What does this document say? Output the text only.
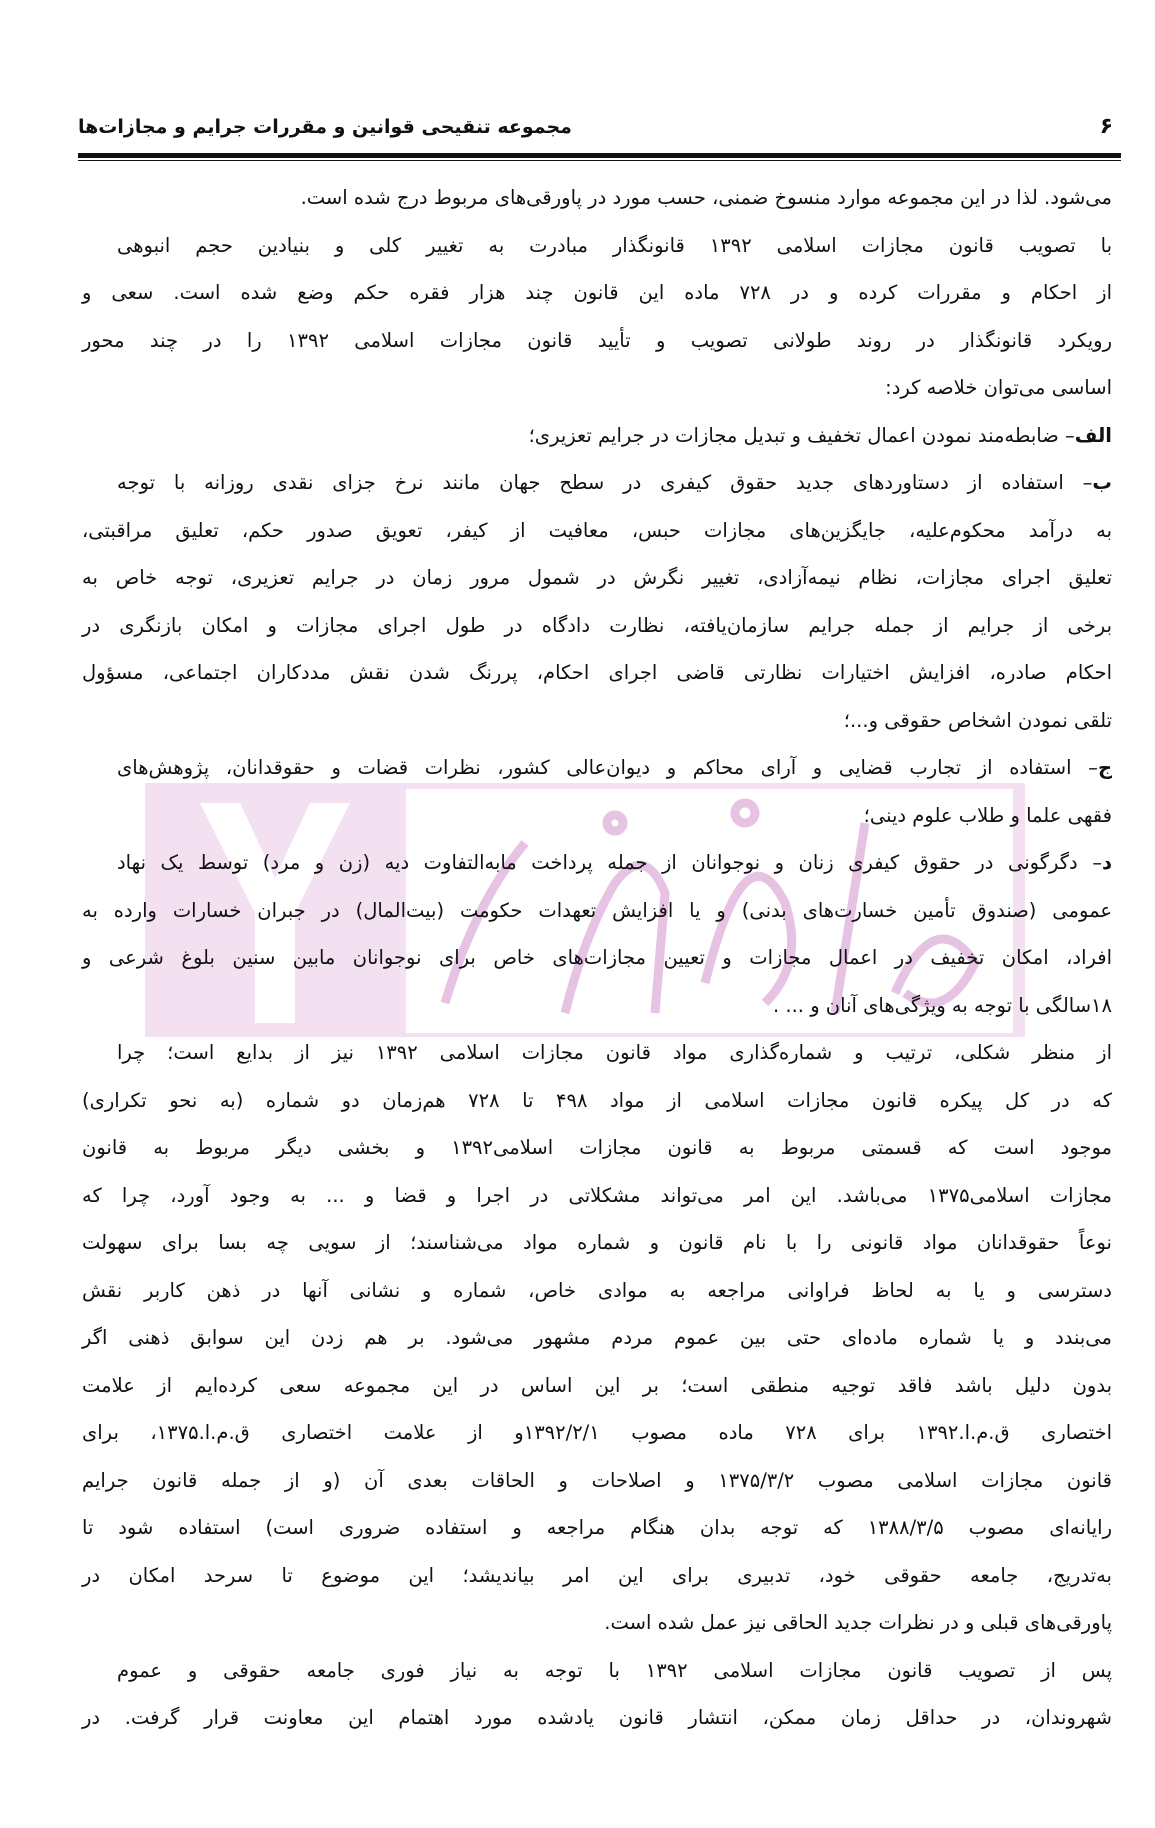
۶
مجموعه تنقیحی قوانین و مقررات جرایم و مجازات‌ها
می‌شود. لذا در این مجموعه موارد منسوخ ضمنی، حسب مورد در پاورقی‌های مربوط درج شده است.
با تصویب قانون مجازات اسلامی ۱۳۹۲ قانونگذار مبادرت به تغییر کلی و بنیادین حجم انبوهی
از احکام و مقررات کرده و در ۷۲۸ ماده این قانون چند هزار فقره حکم وضع شده است. سعی و
رویکرد قانونگذار در روند طولانی تصویب و تأیید قانون مجازات اسلامی ۱۳۹۲ را در چند محور
اساسی می‌توان خلاصه کرد:
الف– ضابطه‌مند نمودن اعمال تخفیف و تبدیل مجازات در جرایم تعزیری؛
ب– استفاده از دستاوردهای جدید حقوق کیفری در سطح جهان مانند نرخ جزای نقدی روزانه با توجه
به درآمد محکوم‌علیه، جایگزین‌های مجازات حبس، معافیت از کیفر، تعویق صدور حکم، تعلیق مراقبتی،
تعلیق اجرای مجازات، نظام نیمه‌آزادی، تغییر نگرش در شمول مرور زمان در جرایم تعزیری، توجه خاص به
برخی از جرایم از جمله جرایم سازمان‌یافته، نظارت دادگاه در طول اجرای مجازات و امکان بازنگری در
احکام صادره، افزایش اختیارات نظارتی قاضی اجرای احکام، پررنگ شدن نقش مددکاران اجتماعی، مسؤول
تلقی نمودن اشخاص حقوقی و...؛
ج– استفاده از تجارب قضایی و آرای محاکم و دیوان‌عالی کشور، نظرات قضات و حقوقدانان، پژوهش‌های
فقهی علما و طلاب علوم دینی؛
د– دگرگونی در حقوق کیفری زنان و نوجوانان از جمله پرداخت مابه‌التفاوت دیه (زن و مرد) توسط یک نهاد
عمومی (صندوق تأمین خسارت‌های بدنی) و یا افزایش تعهدات حکومت (بیت‌المال) در جبران خسارات وارده به
افراد، امکان تخفیف در اعمال مجازات و تعیین مجازات‌های خاص برای نوجوانان مابین سنین بلوغ شرعی و
۱۸سالگی با توجه به ویژگی‌های آنان و ... .
از منظر شکلی، ترتیب و شماره‌گذاری مواد قانون مجازات اسلامی ۱۳۹۲ نیز از بدایع است؛ چرا
که در کل پیکره قانون مجازات اسلامی از مواد ۴۹۸ تا ۷۲۸ هم‌زمان دو شماره (به نحو تکراری)
موجود است که قسمتی مربوط به قانون مجازات اسلامی۱۳۹۲ و بخشی دیگر مربوط به قانون
مجازات اسلامی۱۳۷۵ می‌باشد. این امر می‌تواند مشکلاتی در اجرا و قضا و ... به وجود آورد، چرا که
نوعاً حقوقدانان مواد قانونی را با نام قانون و شماره مواد می‌شناسند؛ از سویی چه بسا برای سهولت
دسترسی و یا به لحاظ فراوانی مراجعه به موادی خاص، شماره و نشانی آنها در ذهن کاربر نقش
می‌بندد و یا شماره ماده‌ای حتی بین عموم مردم مشهور می‌شود. بر هم زدن این سوابق ذهنی اگر
بدون دلیل باشد فاقد توجیه منطقی است؛ بر این اساس در این مجموعه سعی کرده‌ایم از علامت
اختصاری ق.م.ا.۱۳۹۲ برای ۷۲۸ ماده مصوب ۱۳۹۲/۲/۱و از علامت اختصاری ق.م.ا.۱۳۷۵، برای
قانون مجازات اسلامی مصوب ۱۳۷۵/۳/۲ و اصلاحات و الحاقات بعدی آن (و از جمله قانون جرایم
رایانه‌ای مصوب ۱۳۸۸/۳/۵ که توجه بدان هنگام مراجعه و استفاده ضروری است) استفاده شود تا
به‌تدریج، جامعه حقوقی خود، تدبیری برای این امر بیاندیشد؛ این موضوع تا سرحد امکان در
پاورقی‌های قبلی و در نظرات جدید الحاقی نیز عمل شده است.
پس از تصویب قانون مجازات اسلامی ۱۳۹۲ با توجه به نیاز فوری جامعه حقوقی و عموم
شهروندان، در حداقل زمان ممکن، انتشار قانون یادشده مورد اهتمام این معاونت قرار گرفت. در
